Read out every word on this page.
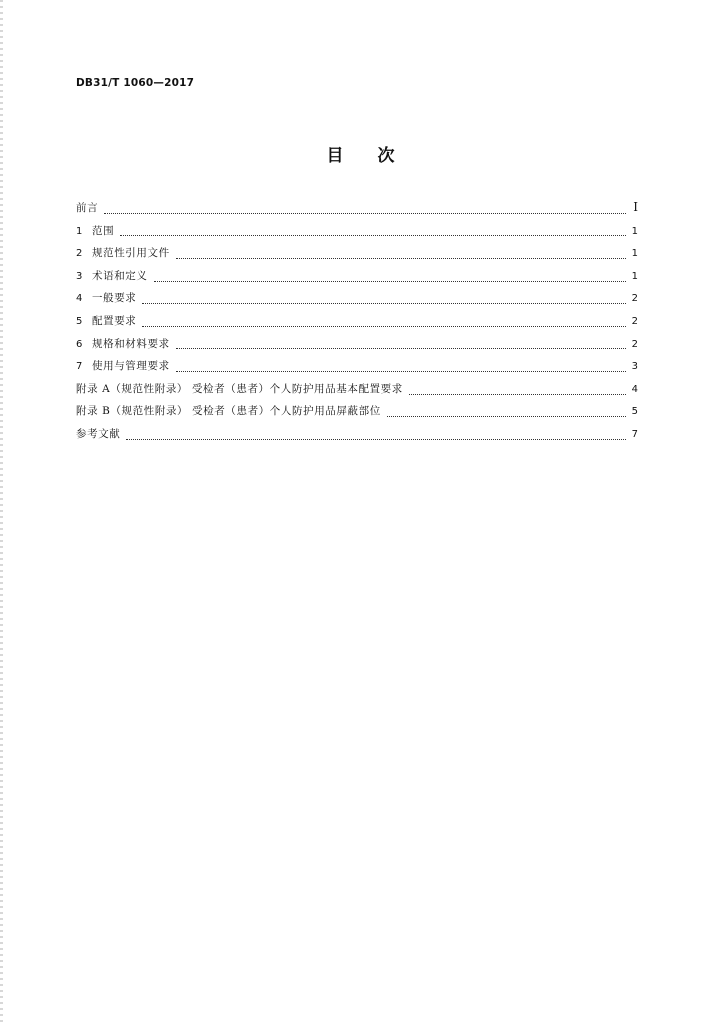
DB31/T 1060—2017
目次
前言	Ⅰ
1 范围	1
2 规范性引用文件	1
3 术语和定义	1
4 一般要求	2
5 配置要求	2
6 规格和材料要求	2
7 使用与管理要求	3
附录 A（规范性附录） 受检者（患者）个人防护用品基本配置要求	4
附录 B（规范性附录） 受检者（患者）个人防护用品屏蔽部位	5
参考文献	7
